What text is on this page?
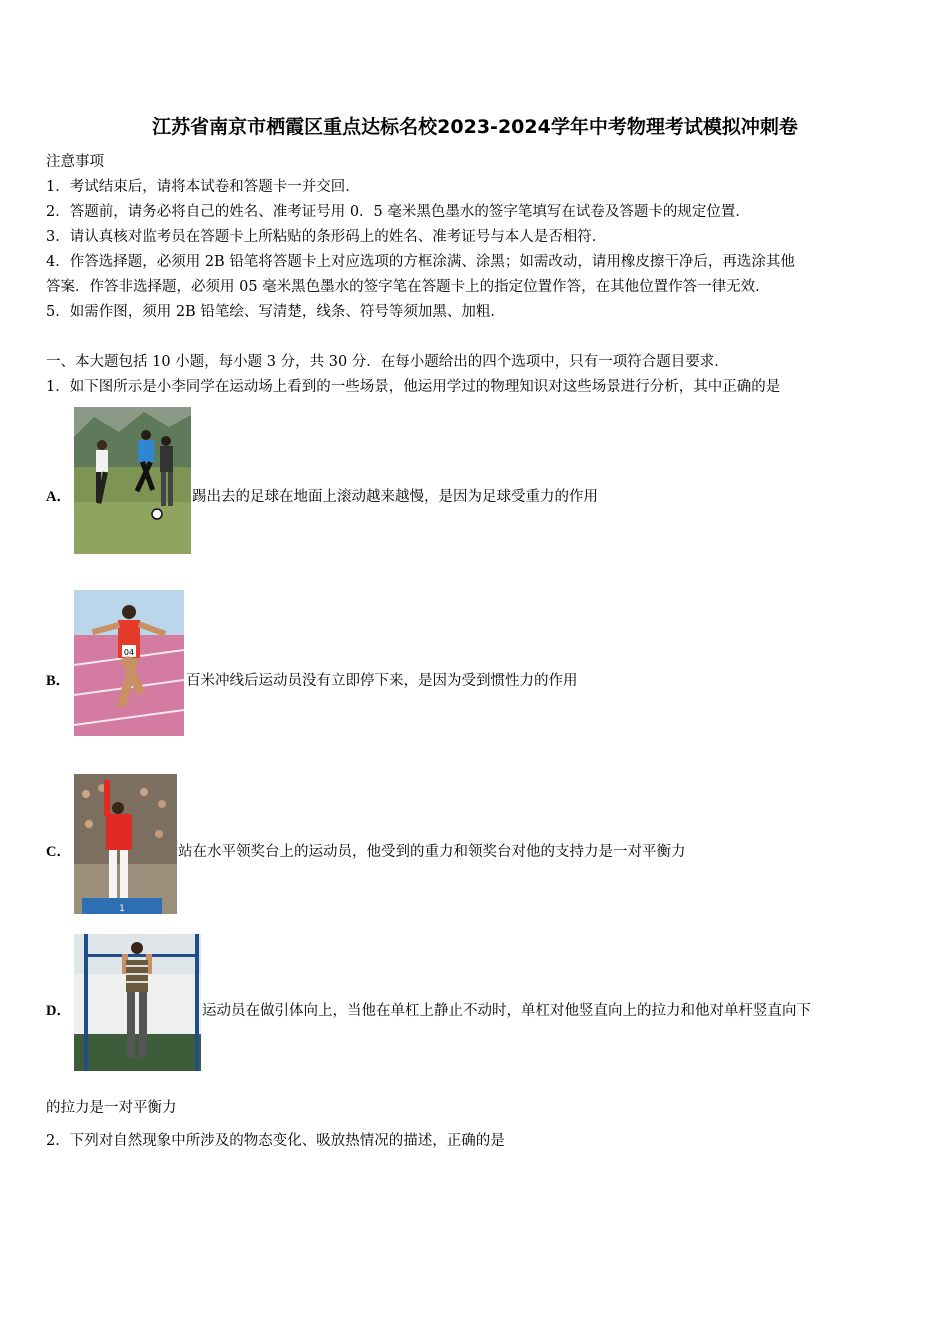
江苏省南京市栖霞区重点达标名校2023-2024学年中考物理考试模拟冲刺卷
注意事项
1．考试结束后，请将本试卷和答题卡一并交回．
2．答题前，请务必将自己的姓名、准考证号用 0．5 毫米黑色墨水的签字笔填写在试卷及答题卡的规定位置．
3．请认真核对监考员在答题卡上所粘贴的条形码上的姓名、准考证号与本人是否相符．
4．作答选择题，必须用 2B 铅笔将答题卡上对应选项的方框涂满、涂黑；如需改动，请用橡皮擦干净后，再选涂其他
答案．作答非选择题，必须用 05 毫米黑色墨水的签字笔在答题卡上的指定位置作答，在其他位置作答一律无效．
5．如需作图，须用 2B 铅笔绘、写清楚，线条、符号等须加黑、加粗．
一、本大题包括 10 小题，每小题 3 分，共 30 分．在每小题给出的四个选项中，只有一项符合题目要求．
1．如下图所示是小李同学在运动场上看到的一些场景，他运用学过的物理知识对这些场景进行分析，其中正确的是
A．	踢出去的足球在地面上滚动越来越慢，是因为足球受重力的作用
04
B．	百米冲线后运动员没有立即停下来，是因为受到惯性力的作用
1
C．	站在水平领奖台上的运动员，他受到的重力和领奖台对他的支持力是一对平衡力
D．	运动员在做引体向上，当他在单杠上静止不动时，单杠对他竖直向上的拉力和他对单杆竖直向下
的拉力是一对平衡力
2．下列对自然现象中所涉及的物态变化、吸放热情况的描述，正确的是
